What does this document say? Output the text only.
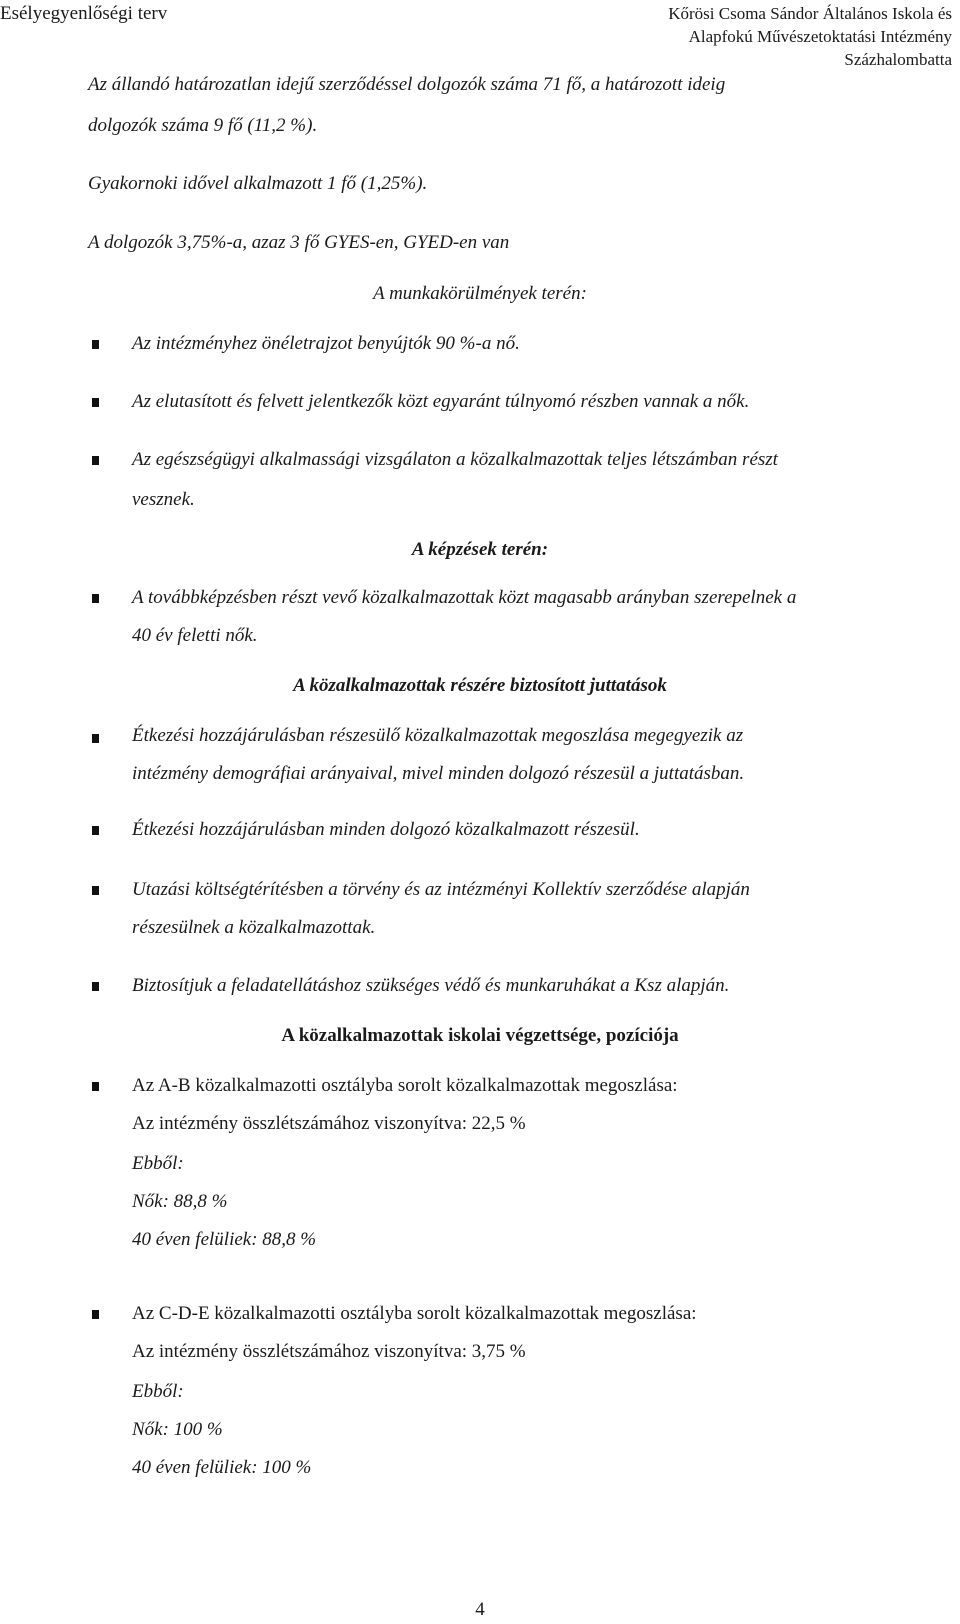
Esélyegyenlőségi terv	Kőrösi Csoma Sándor Általános Iskola és
Alapfokú Művészetoktatási Intézmény
Százhalombatta
Az állandó határozatlan idejű szerződéssel dolgozók száma 71 fő, a határozott ideig
dolgozók száma 9 fő (11,2 %).
Gyakornoki idővel alkalmazott 1 fő (1,25%).
A dolgozók 3,75%-a, azaz 3 fő GYES-en, GYED-en van
A munkakörülmények terén:
Az intézményhez önéletrajzot benyújtók 90 %-a nő.
Az elutasított és felvett jelentkezők közt egyaránt túlnyomó részben vannak a nők.
Az egészségügyi alkalmassági vizsgálaton a közalkalmazottak teljes létszámban részt
vesznek.
A képzések terén:
A továbbképzésben részt vevő közalkalmazottak közt magasabb arányban szerepelnek a
40 év feletti nők.
A közalkalmazottak részére biztosított juttatások
Étkezési hozzájárulásban részesülő közalkalmazottak megoszlása megegyezik az
intézmény demográfiai arányaival, mivel minden dolgozó részesül a juttatásban.
Étkezési hozzájárulásban minden dolgozó közalkalmazott részesül.
Utazási költségtérítésben a törvény és az intézményi Kollektív szerződése alapján
részesülnek a közalkalmazottak.
Biztosítjuk a feladatellátáshoz szükséges védő és munkaruhákat a Ksz alapján.
A közalkalmazottak iskolai végzettsége, pozíciója
Az A-B közalkalmazotti osztályba sorolt közalkalmazottak megoszlása:
Az intézmény összlétszámához viszonyítva: 22,5 %
Ebből:
Nők: 88,8 %
40 éven felüliek: 88,8 %
Az C-D-E közalkalmazotti osztályba sorolt közalkalmazottak megoszlása:
Az intézmény összlétszámához viszonyítva: 3,75 %
Ebből:
Nők: 100 %
40 éven felüliek: 100 %
4
